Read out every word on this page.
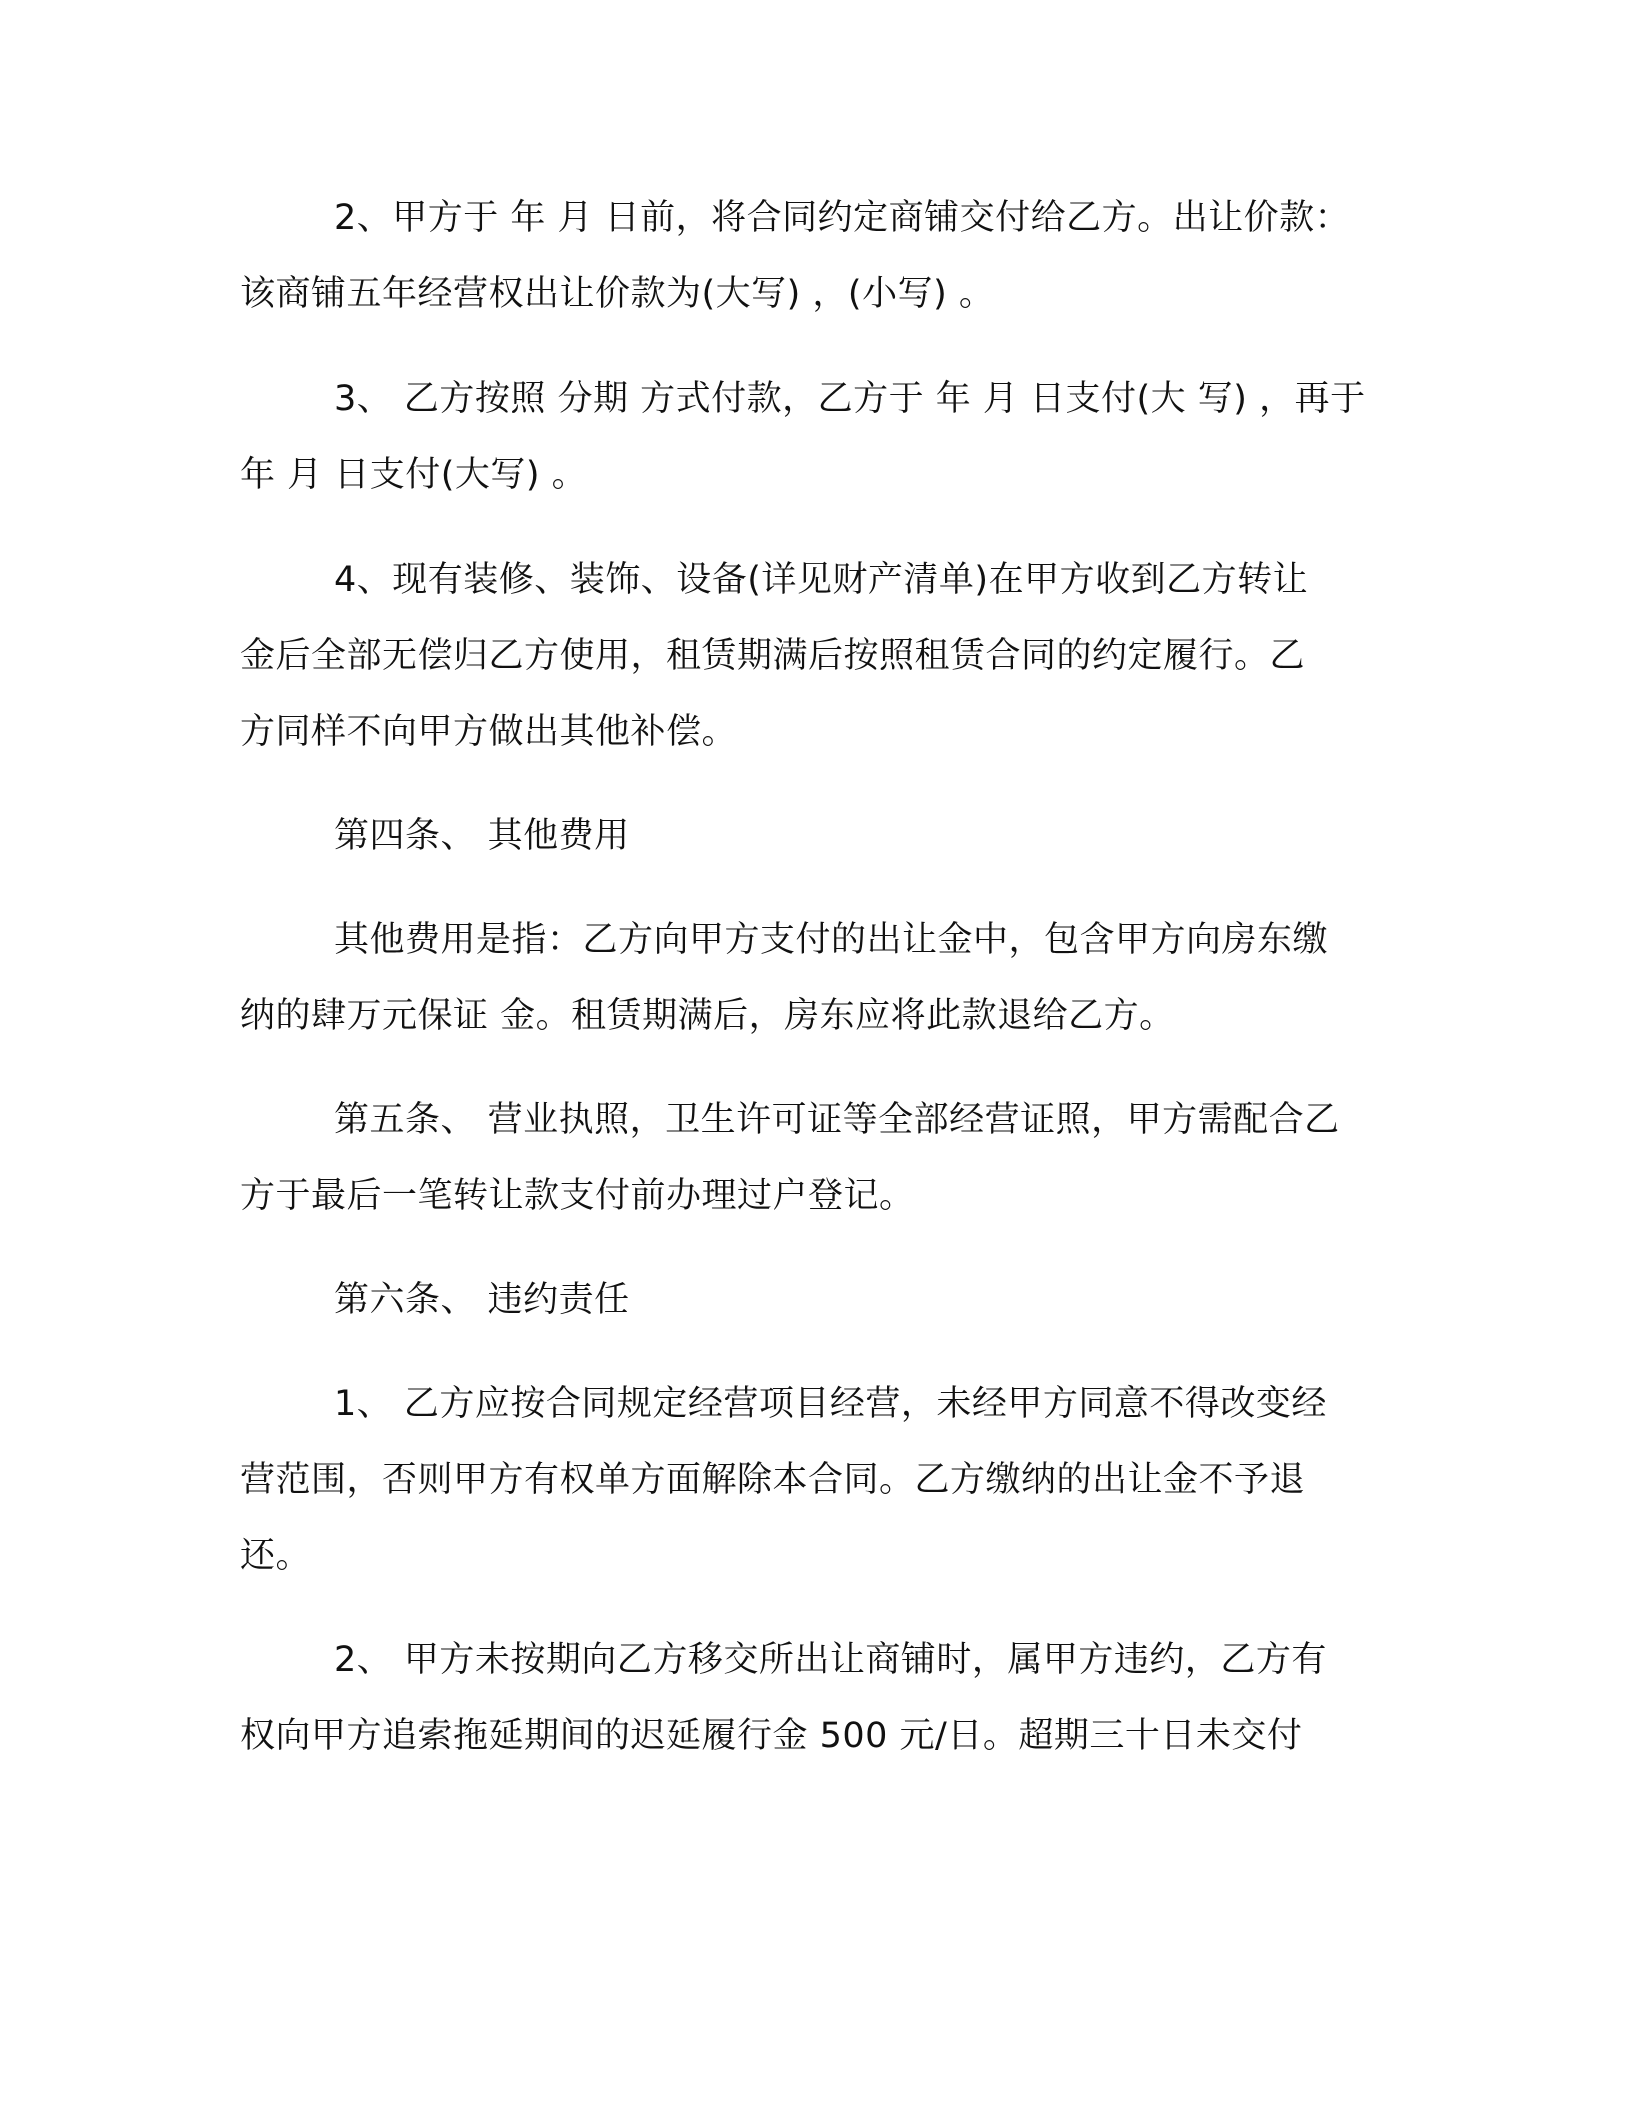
2、甲方于 年 月 日前，将合同约定商铺交付给乙方。出让价款：
该商铺五年经营权出让价款为(大写) ，(小写) 。
3、 乙方按照 分期 方式付款，乙方于 年 月 日支付(大 写) ，再于
年 月 日支付(大写) 。
4、现有装修、装饰、设备(详见财产清单)在甲方收到乙方转让
金后全部无偿归乙方使用，租赁期满后按照租赁合同的约定履行。乙
方同样不向甲方做出其他补偿。
第四条、 其他费用
其他费用是指：乙方向甲方支付的出让金中，包含甲方向房东缴
纳的肆万元保证 金。租赁期满后，房东应将此款退给乙方。
第五条、 营业执照，卫生许可证等全部经营证照，甲方需配合乙
方于最后一笔转让款支付前办理过户登记。
第六条、 违约责任
1、 乙方应按合同规定经营项目经营，未经甲方同意不得改变经
营范围，否则甲方有权单方面解除本合同。乙方缴纳的出让金不予退
还。
2、 甲方未按期向乙方移交所出让商铺时，属甲方违约，乙方有
权向甲方追索拖延期间的迟延履行金 500 元/日。超期三十日未交付
